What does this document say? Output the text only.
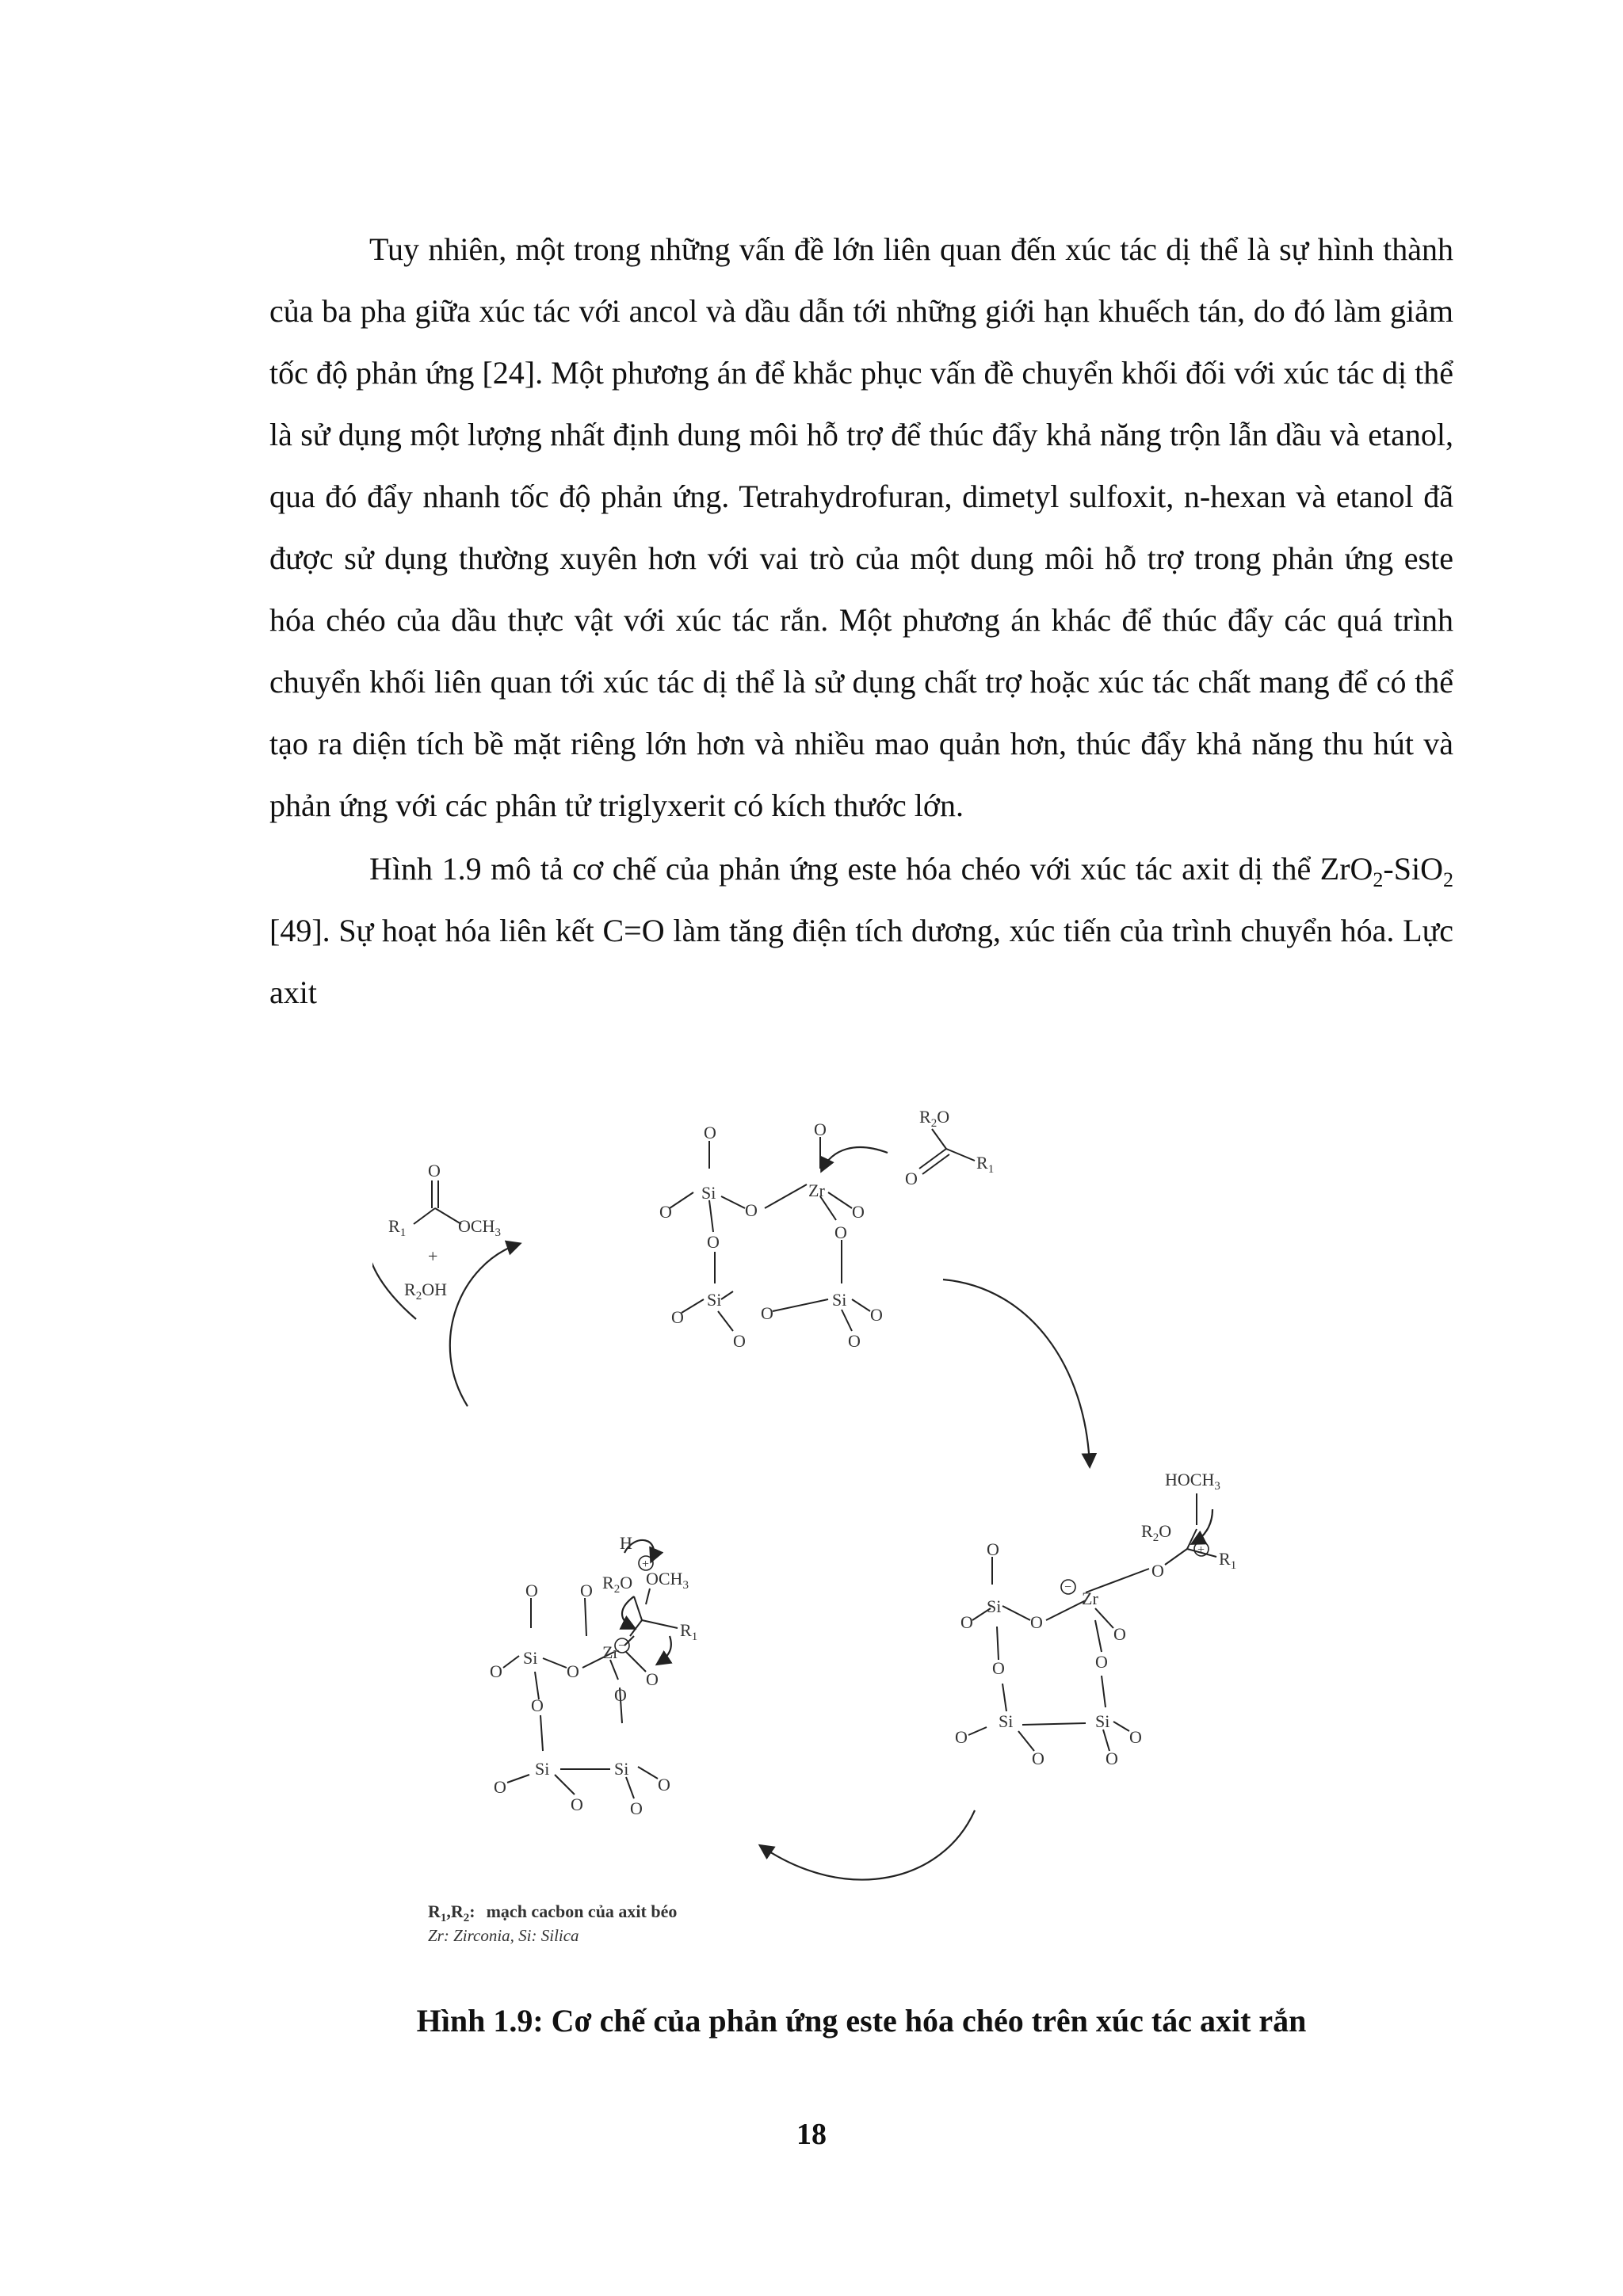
Tuy nhiên, một trong những vấn đề lớn liên quan đến xúc tác dị thể là sự hình thành của ba pha giữa xúc tác với ancol và dầu dẫn tới những giới hạn khuếch tán, do đó làm giảm tốc độ phản ứng [24]. Một phương án để khắc phục vấn đề chuyển khối đối với xúc tác dị thể là sử dụng một lượng nhất định dung môi hỗ trợ để thúc đẩy khả năng trộn lẫn dầu và etanol, qua đó đẩy nhanh tốc độ phản ứng. Tetrahydrofuran, dimetyl sulfoxit, n-hexan và etanol đã được sử dụng thường xuyên hơn với vai trò của một dung môi hỗ trợ trong phản ứng este hóa chéo của dầu thực vật với xúc tác rắn. Một phương án khác để thúc đẩy các quá trình chuyển khối liên quan tới xúc tác dị thể là sử dụng chất trợ hoặc xúc tác chất mang để có thể tạo ra diện tích bề mặt riêng lớn hơn và nhiều mao quản hơn, thúc đẩy khả năng thu hút và phản ứng với các phân tử triglyxerit có kích thước lớn.

Hình 1.9 mô tả cơ chế của phản ứng este hóa chéo với xúc tác axit dị thể ZrO$_2$-SiO$_2$ [49]. Sự hoạt hóa liên kết C=O làm tăng điện tích dương, xúc tiến của trình chuyển hóa. Lực axit

O	O
Si	Zr
O	O	O
O	O
Si	Si
O
O
O
O
O
$R_2O$
$R_1$
O
O
$R_1$	$OCH_3$
+
$R_2OH$
$HOCH_3$
$R_2O$
$R_1$
O
O
Si	Zr
O	O
O
O	O
Si	Si
O
O
O
O
+
−
H
$R_2O$ $OCH_3$
$R_1$
O O
Si	Zr
O	O	O
O
O
Si	Si
O
O
O
O
+
−
$R_1,R_2$: mạch cacbon của axit béo
Zr: Zirconia, Si: Silica
Hình 1.9: Cơ chế của phản ứng este hóa chéo trên xúc tác axit rắn
18
